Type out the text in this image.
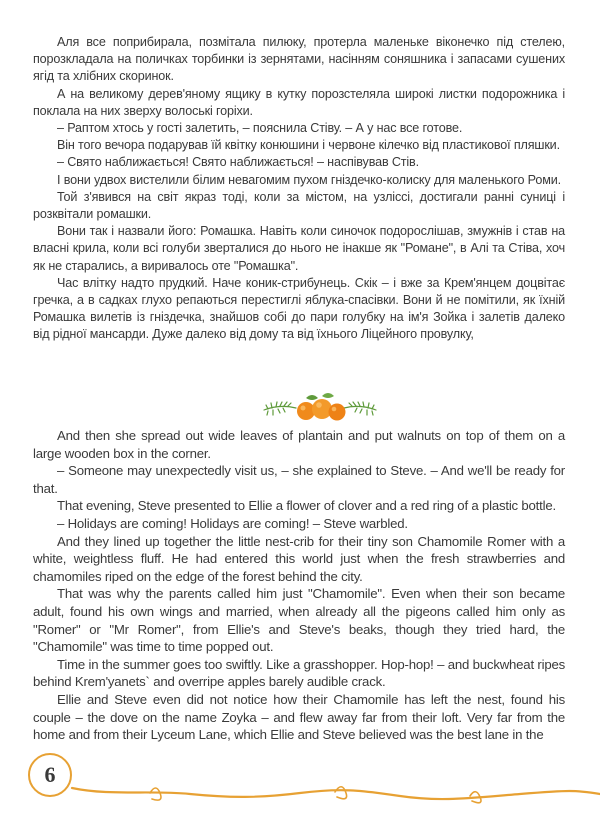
Аля все поприбирала, позмітала пилюку, протерла маленьке віконечко під стелею, порозкладала на поличках торбинки із зернятами, насінням соняшника і запасами сушених ягід та хлібних скоринок.

А на великому дерев'яному ящику в кутку порозстеляла широкі листки подорожника і поклала на них зверху волоські горіхи.

– Раптом хтось у гості залетить, – пояснила Стіву. – А у нас все готове.

Він того вечора подарував їй квітку конюшини і червоне кілечко від пластикової пляшки.

– Свято наближається! Свято наближається! – наспівував Стів.

І вони удвох вистелили білим невагомим пухом гніздечко-колиску для маленького Роми.

Той з'явився на світ якраз тоді, коли за містом, на узліссі, достигали ранні суниці і розквітали ромашки.

Вони так і назвали його: Ромашка. Навіть коли синочок подорослішав, змужнів і став на власні крила, коли всі голуби зверталися до нього не інакше як "Романе", в Алі та Стіва, хоч як не старались, а виривалось оте "Ромашка".

Час влітку надто прудкий. Наче коник-стрибунець. Скік – і вже за Крем'янцем доцвітає гречка, а в садках глухо репаються перестиглі яблука-спасівки. Вони й не помітили, як їхній Ромашка вилетів із гніздечка, знайшов собі до пари голубку на ім'я Зойка і залетів далеко від рідної мансарди. Дуже далеко від дому та від їхнього Ліцейного провулку,

And then she spread out wide leaves of plantain and put walnuts on top of them on a large wooden box in the corner.

– Someone may unexpectedly visit us, – she explained to Steve. – And we'll be ready for that.

That evening, Steve presented to Ellie a flower of clover and a red ring of a plastic bottle.

– Holidays are coming! Holidays are coming! – Steve warbled.

And they lined up together the little nest-crib for their tiny son Chamomile Romer with a white, weightless fluff. He had entered this world just when the fresh strawberries and chamomiles riped on the edge of the forest behind the city.

That was why the parents called him just "Chamomile". Even when their son became adult, found his own wings and married, when already all the pigeons called him only as "Romer" or "Mr Romer", from Ellie's and Steve's beaks, though they tried hard, the "Chamomile" was time to time popped out.

Time in the summer goes too swiftly. Like a grasshopper. Hop-hop! – and buckwheat ripes behind Krem'yanets` and overripe apples barely audible crack.

Ellie and Steve even did not notice how their Chamomile has left the nest, found his couple – the dove on the name Zoyka – and flew away far from their loft. Very far from the home and from their Lyceum Lane, which Ellie and Steve believed was the best lane in the

6
